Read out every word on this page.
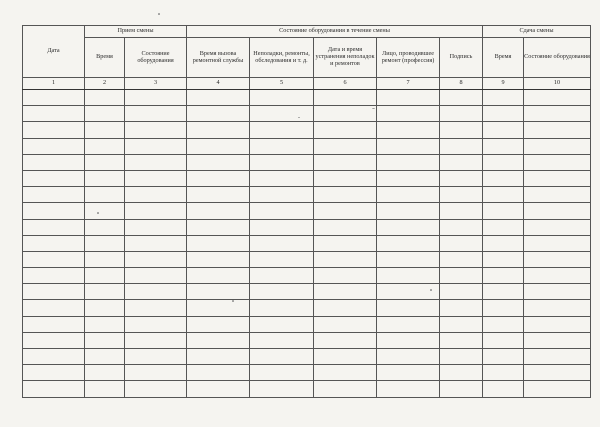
Дата	Прием смены		Состояние оборудования в течение смены					Сдача смены	
	Время	Состояние оборудования	Время вызова ремонтной службы	Неполадки, ремонты, обследования и т. д.	Дата и время устранения неполадок и ремонтов	Лицо, проводившее ремонт (профессия)	Подпись	Время	Состояние оборудования
1	2	3	4	5	6	7	8	9	10
